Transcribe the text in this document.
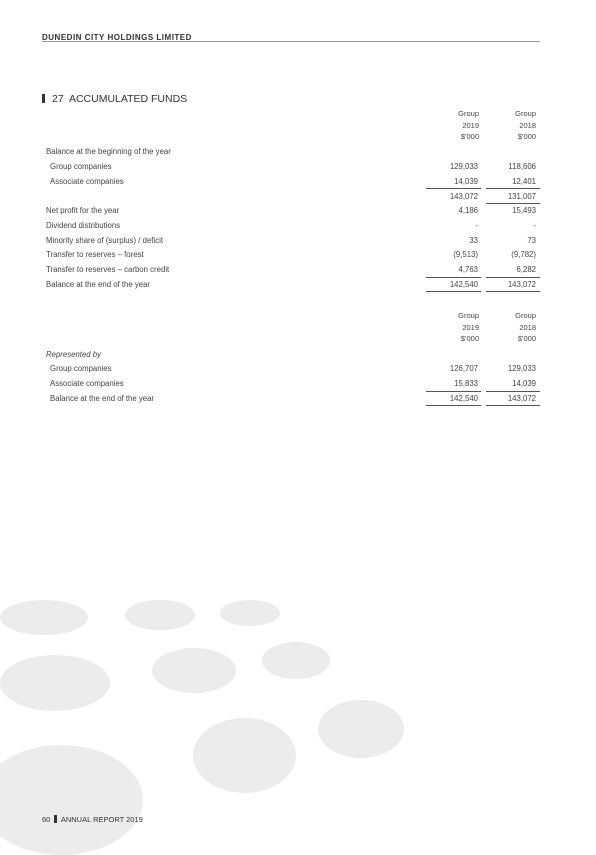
DUNEDIN CITY HOLDINGS LIMITED
27 ACCUMULATED FUNDS
Group
2019
$'000
Group
2018
$'000
Balance at the beginning of the year
Group companies	129,033	118,606
Associate companies	14,039	12,401
143,072	131,007
Net profit for the year	4,186	15,493
Dividend distributions	-	-
Minority share of (surplus) / deficit	33	73
Transfer to reserves – forest	(9,513)	(9,782)
Transfer to reserves – carbon credit	4,763	6,282
Balance at the end of the year	142,540	143,072
Group
2019
$'000
Group
2018
$'000
Represented by
Group companies	126,707	129,033
Associate companies	15,833	14,039
Balance at the end of the year	142,540	143,072
60 ANNUAL REPORT 2019
